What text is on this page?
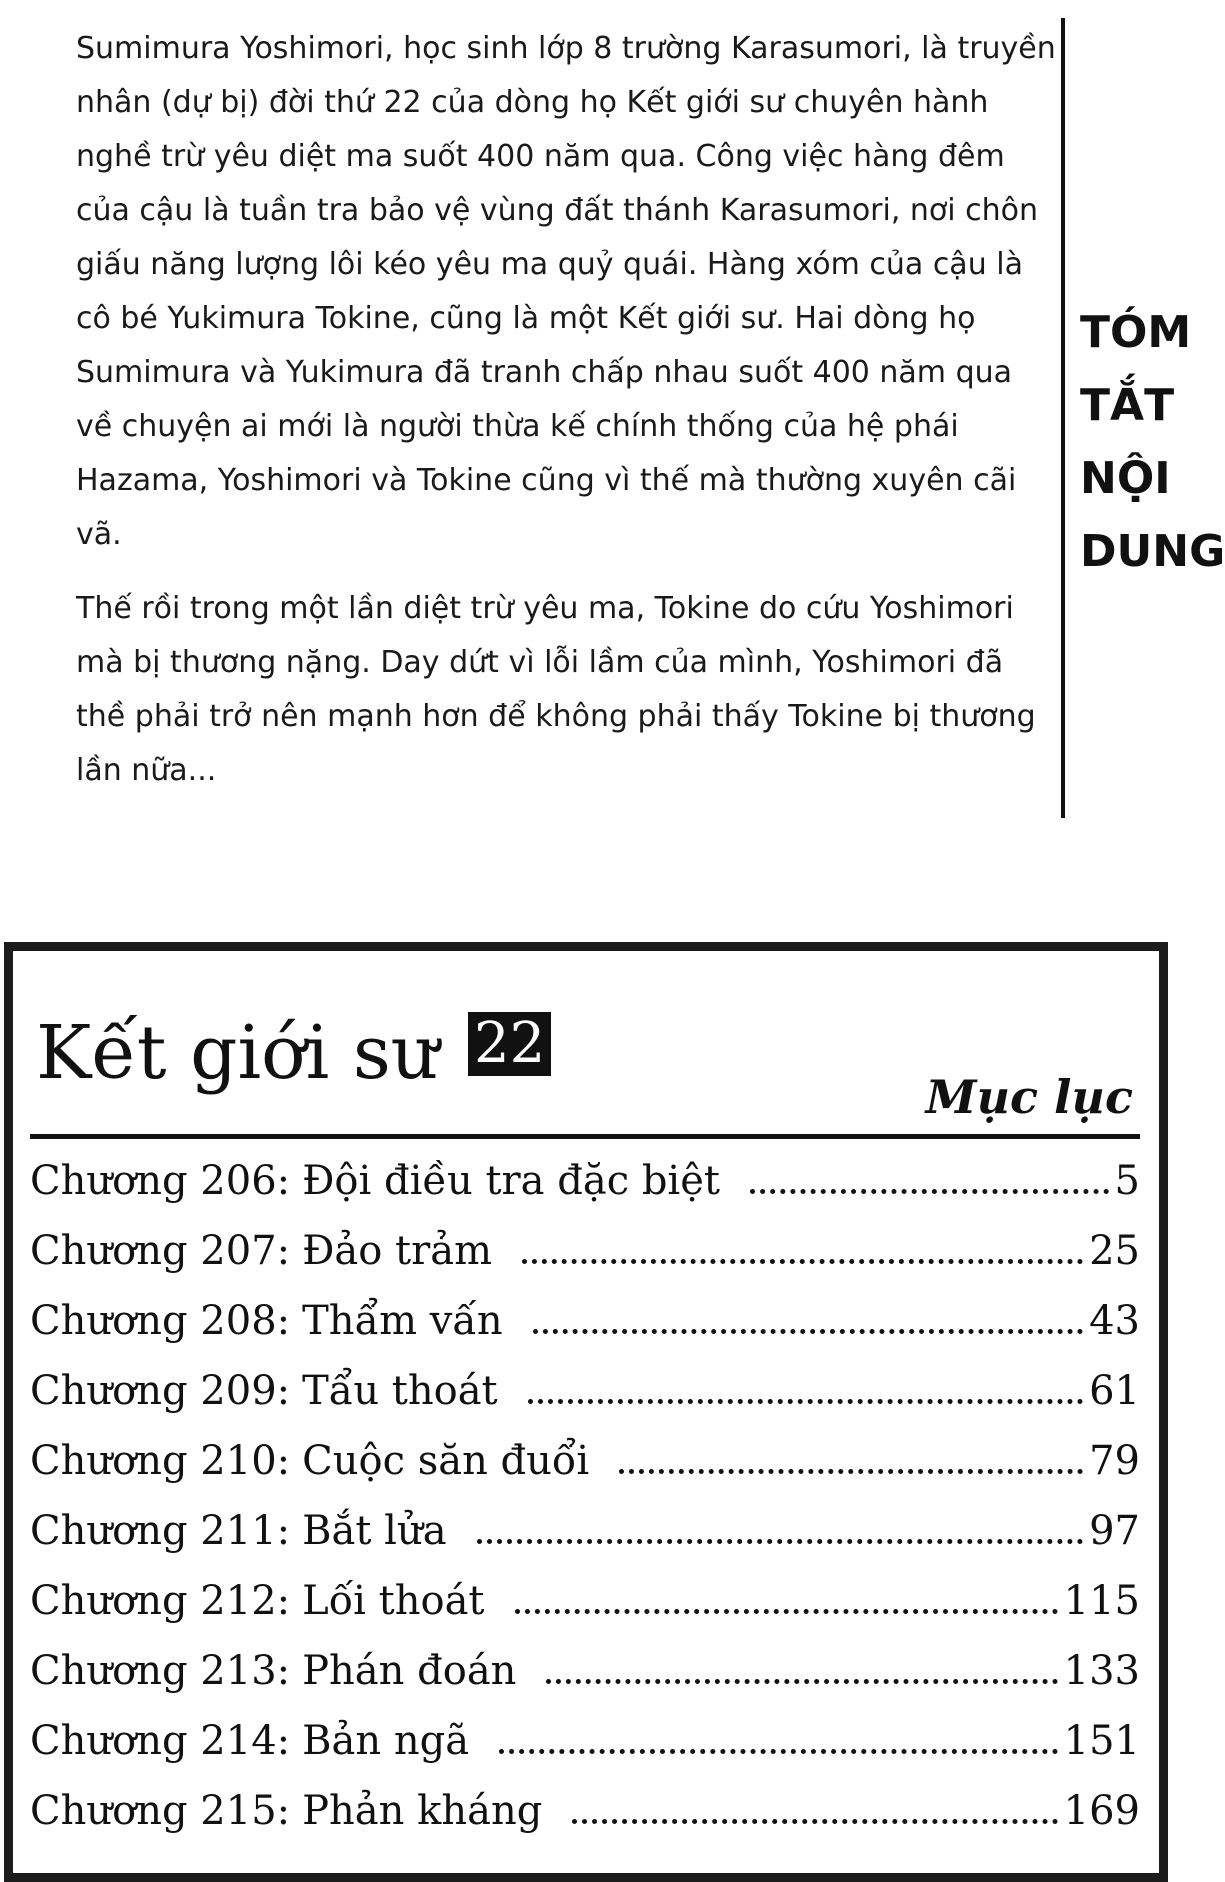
Sumimura Yoshimori, học sinh lớp 8 trường Karasumori, là truyền nhân (dự bị) đời thứ 22 của dòng họ Kết giới sư chuyên hành nghề trừ yêu diệt ma suốt 400 năm qua. Công việc hàng đêm của cậu là tuần tra bảo vệ vùng đất thánh Karasumori, nơi chôn giấu năng lượng lôi kéo yêu ma quỷ quái. Hàng xóm của cậu là cô bé Yukimura Tokine, cũng là một Kết giới sư. Hai dòng họ Sumimura và Yukimura đã tranh chấp nhau suốt 400 năm qua về chuyện ai mới là người thừa kế chính thống của hệ phái Hazama, Yoshimori và Tokine cũng vì thế mà thường xuyên cãi vã.

Thế rồi trong một lần diệt trừ yêu ma, Tokine do cứu Yoshimori mà bị thương nặng. Day dứt vì lỗi lầm của mình, Yoshimori đã thề phải trở nên mạnh hơn để không phải thấy Tokine bị thương lần nữa...

TÓM
TẮT
NỘI
DUNG
Kết giới sư 22
Mục lục
Chương 206: Đội điều tra đặc biệt	5
Chương 207: Đảo trảm	25
Chương 208: Thẩm vấn	43
Chương 209: Tẩu thoát	61
Chương 210: Cuộc săn đuổi	79
Chương 211: Bắt lửa	97
Chương 212: Lối thoát	115
Chương 213: Phán đoán	133
Chương 214: Bản ngã	151
Chương 215: Phản kháng	169
